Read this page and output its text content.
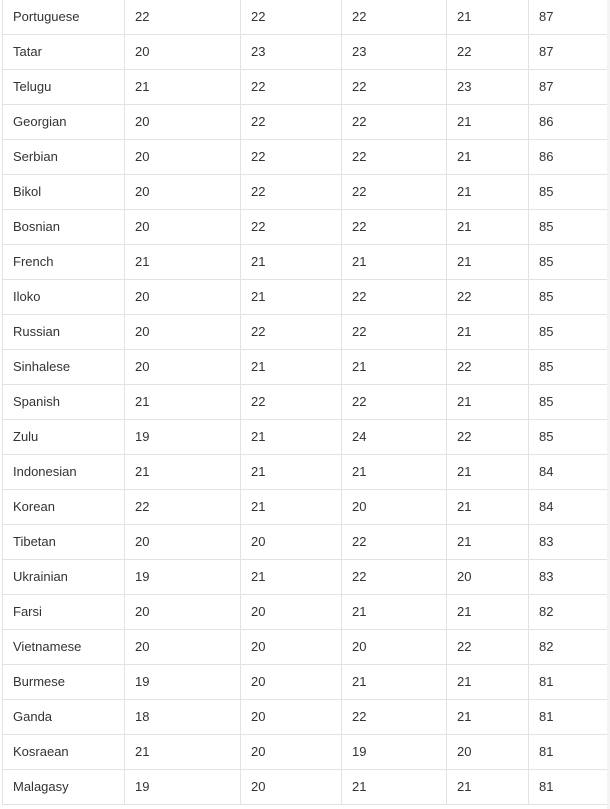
Portuguese	22	22	22	21	87
Tatar	20	23	23	22	87
Telugu	21	22	22	23	87
Georgian	20	22	22	21	86
Serbian	20	22	22	21	86
Bikol	20	22	22	21	85
Bosnian	20	22	22	21	85
French	21	21	21	21	85
Iloko	20	21	22	22	85
Russian	20	22	22	21	85
Sinhalese	20	21	21	22	85
Spanish	21	22	22	21	85
Zulu	19	21	24	22	85
Indonesian	21	21	21	21	84
Korean	22	21	20	21	84
Tibetan	20	20	22	21	83
Ukrainian	19	21	22	20	83
Farsi	20	20	21	21	82
Vietnamese	20	20	20	22	82
Burmese	19	20	21	21	81
Ganda	18	20	22	21	81
Kosraean	21	20	19	20	81
Malagasy	19	20	21	21	81
